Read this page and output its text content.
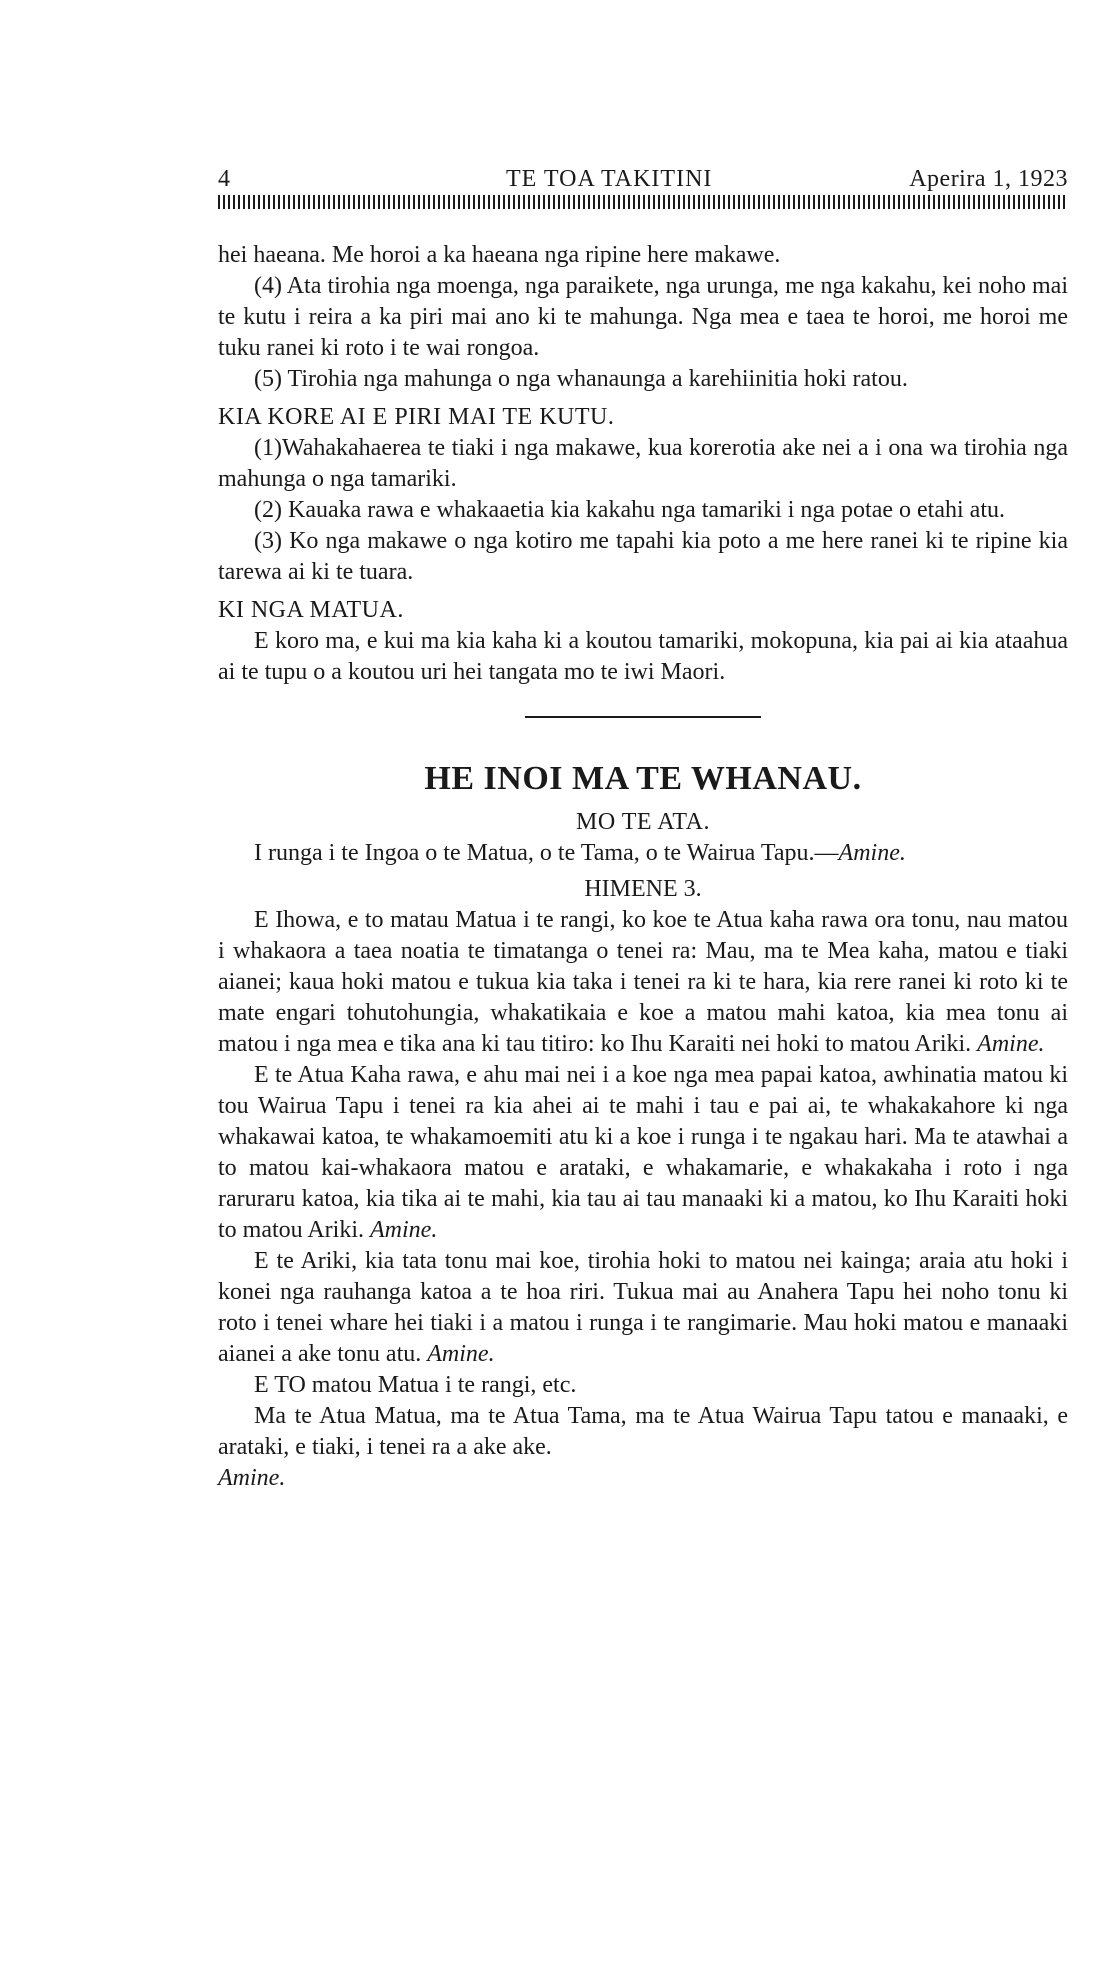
4	TE TOA TAKITINI	Aperira 1, 1923

hei haeana. Me horoi a ka haeana nga ripine here makawe.

(4) Ata tirohia nga moenga, nga paraikete, nga urunga, me nga kakahu, kei noho mai te kutu i reira a ka piri mai ano ki te mahunga. Nga mea e taea te horoi, me horoi me tuku ranei ki roto i te wai rongoa.

(5) Tirohia nga mahunga o nga whanaunga a karehiinitia hoki ratou.

KIA KORE AI E PIRI MAI TE KUTU.

(1)Wahakahaerea te tiaki i nga makawe, kua korerotia ake nei a i ona wa tirohia nga mahunga o nga tamariki.

(2) Kauaka rawa e whakaaetia kia kakahu nga tamariki i nga potae o etahi atu.

(3) Ko nga makawe o nga kotiro me tapahi kia poto a me here ranei ki te ripine kia tarewa ai ki te tuara.

KI NGA MATUA.

E koro ma, e kui ma kia kaha ki a koutou tamariki, mokopuna, kia pai ai kia ataahua ai te tupu o a koutou uri hei tangata mo te iwi Maori.

HE INOI MA TE WHANAU.
MO TE ATA.

I runga i te Ingoa o te Matua, o te Tama, o te Wairua Tapu.—Amine.

HIMENE 3.

E Ihowa, e to matau Matua i te rangi, ko koe te Atua kaha rawa ora tonu, nau matou i whakaora a taea noatia te timatanga o tenei ra: Mau, ma te Mea kaha, matou e tiaki aianei; kaua hoki matou e tukua kia taka i tenei ra ki te hara, kia rere ranei ki roto ki te mate engari tohutohungia, whakatikaia e koe a matou mahi katoa, kia mea tonu ai matou i nga mea e tika ana ki tau titiro: ko Ihu Karaiti nei hoki to matou Ariki. Amine.

E te Atua Kaha rawa, e ahu mai nei i a koe nga mea papai katoa, awhinatia matou ki tou Wairua Tapu i tenei ra kia ahei ai te mahi i tau e pai ai, te whakakahore ki nga whakawai katoa, te whakamoemiti atu ki a koe i runga i te ngakau hari. Ma te atawhai a to matou kai-whakaora matou e arataki, e whakamarie, e whakakaha i roto i nga raruraru katoa, kia tika ai te mahi, kia tau ai tau manaaki ki a matou, ko Ihu Karaiti hoki to matou Ariki. Amine.

E te Ariki, kia tata tonu mai koe, tirohia hoki to matou nei kainga; araia atu hoki i konei nga rauhanga katoa a te hoa riri. Tukua mai au Anahera Tapu hei noho tonu ki roto i tenei whare hei tiaki i a matou i runga i te rangimarie. Mau hoki matou e manaaki aianei a ake tonu atu. Amine.

E TO matou Matua i te rangi, etc.

Ma te Atua Matua, ma te Atua Tama, ma te Atua Wairua Tapu tatou e manaaki, e arataki, e tiaki, i tenei ra a ake ake.
Amine.
